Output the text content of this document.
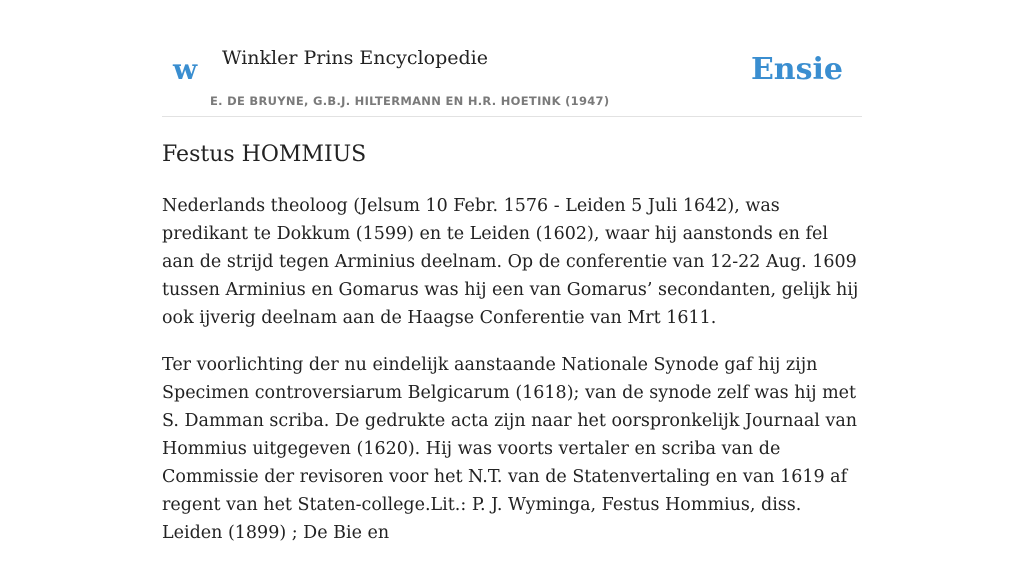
w Winkler Prins Encyclopedie
E. DE BRUYNE, G.B.J. HILTERMANN EN H.R. HOETINK (1947)
Ensie
Festus HOMMIUS

Nederlands theoloog (Jelsum 10 Febr. 1576 - Leiden 5 Juli 1642), was predikant te Dokkum (1599) en te Leiden (1602), waar hij aanstonds en fel aan de strijd tegen Arminius deelnam. Op de conferentie van 12-22 Aug. 1609 tussen Arminius en Gomarus was hij een van Gomarus’ secondanten, gelijk hij ook ijverig deelnam aan de Haagse Conferentie van Mrt 1611.

Ter voorlichting der nu eindelijk aanstaande Nationale Synode gaf hij zijn Specimen controversiarum Belgicarum (1618); van de synode zelf was hij met S. Damman scriba. De gedrukte acta zijn naar het oorspronkelijk Journaal van Hommius uitgegeven (1620). Hij was voorts vertaler en scriba van de Commissie der revisoren voor het N.T. van de Statenvertaling en van 1619 af regent van het Staten-college.Lit.: P. J. Wyminga, Festus Hommius, diss. Leiden (1899) ; De Bie en
